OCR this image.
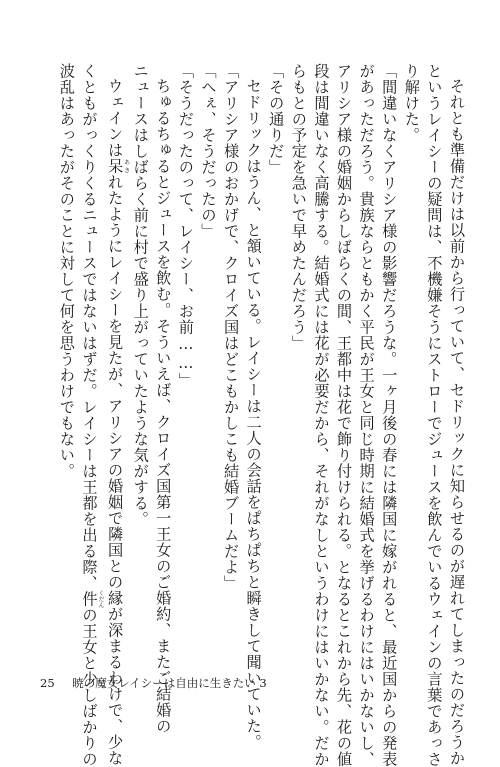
それとも準備だけは以前から行っていて、セドリックに知らせるのが遅れてしまったのだろうか
というレイシーの疑問は、不機嫌そうにストローでジュースを飲んでいるウェインの言葉であっさ
り解けた。
「間違いなくアリシア様の影響だろうな。一ヶ月後の春には隣国に嫁がれると、最近国からの発表
があっただろう。貴族ならともかく平民が王女と同じ時期に結婚式を挙げるわけにはいかないし、
アリシア様の婚姻からしばらくの間、王都中は花で飾り付けられる。となるとこれから先、花の値
段は間違いなく高騰する。結婚式には花が必要だから、それがなしというわけにはいかない。だか
らもとの予定を急いで早めたんだろう」
「その通りだ」
セドリックはうん、と頷いている。レイシーは二人の会話をぱちぱちと瞬きして聞いていた。
「アリシア様のおかげで、クロイズ国はどこもかしこも結婚ブームだよ」
「へぇ、そうだったの」
「そうだったのって、レイシー、お前……」
ちゅるちゅるとジュースを飲む。そういえば、クロイズ国第一王女のご婚約、またご結婚の
ニュースはしばらく前に村で盛り上がっていたような気がする。
ウェインは呆あきれたようにレイシーを見たが、アリシアの婚姻で隣国との縁が深まるわけで、少な
くともがっくりくるニュースではないはずだ。レイシーは王都を出る際、件くだんの王女と少しばかりの
波乱はあったがそのことに対して何を思うわけでもない。
25 暁の魔女レイシーは自由に生きたい 3
